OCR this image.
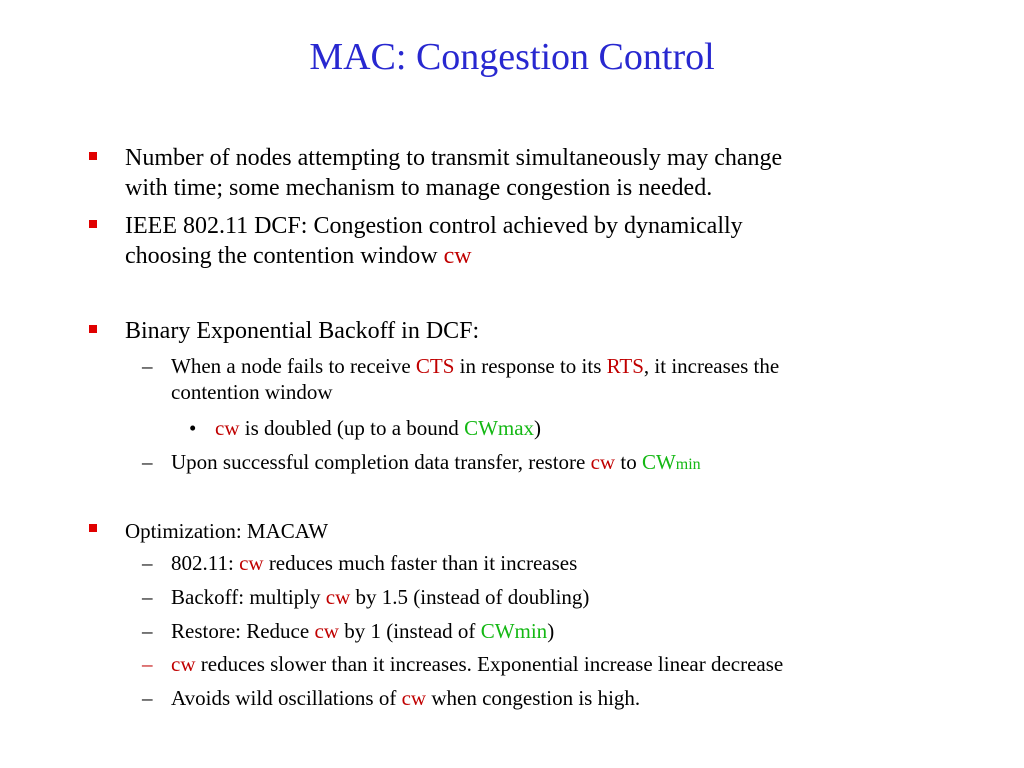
MAC: Congestion Control
Number of nodes attempting to transmit simultaneously may change
with time; some mechanism to manage congestion is needed.
IEEE 802.11 DCF: Congestion control achieved by dynamically
choosing the contention window cw
Binary Exponential Backoff in DCF:
– When a node fails to receive CTS in response to its RTS, it increases the
contention window
• cw is doubled (up to a bound CWmax)
– Upon successful completion data transfer, restore cw to CWmin
Optimization: MACAW
– 802.11: cw reduces much faster than it increases
– Backoff: multiply cw by 1.5 (instead of doubling)
– Restore: Reduce cw by 1 (instead of CWmin)
– cw reduces slower than it increases. Exponential increase linear decrease
– Avoids wild oscillations of cw when congestion is high.
